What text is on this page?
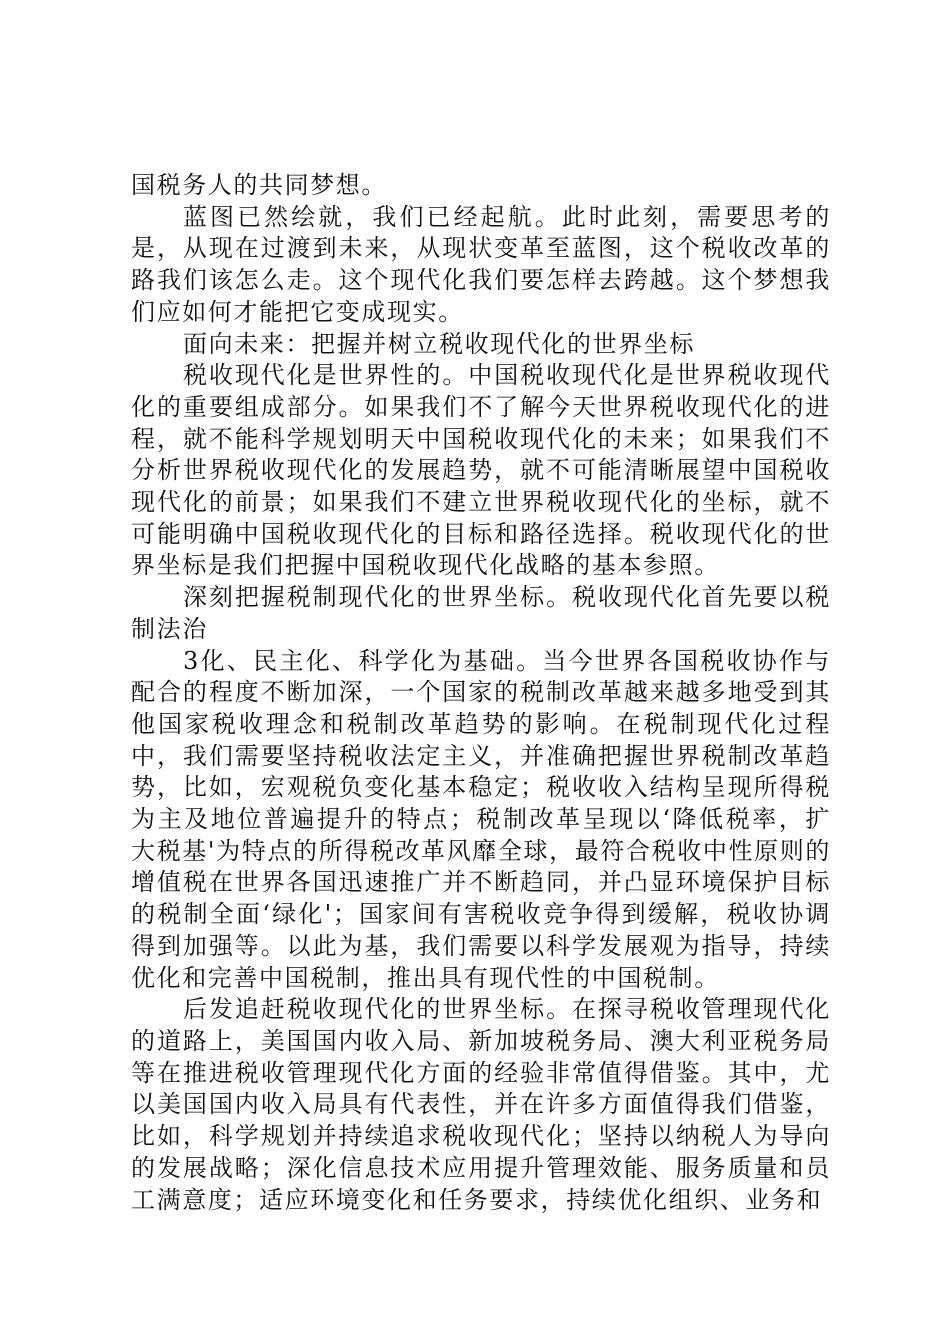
国税务人的共同梦想。

蓝图已然绘就，我们已经起航。此时此刻，需要思考的是，从现在过渡到未来，从现状变革至蓝图，这个税收改革的路我们该怎么走。这个现代化我们要怎样去跨越。这个梦想我们应如何才能把它变成现实。

面向未来：把握并树立税收现代化的世界坐标

税收现代化是世界性的。中国税收现代化是世界税收现代化的重要组成部分。如果我们不了解今天世界税收现代化的进程，就不能科学规划明天中国税收现代化的未来；如果我们不分析世界税收现代化的发展趋势，就不可能清晰展望中国税收现代化的前景；如果我们不建立世界税收现代化的坐标，就不可能明确中国税收现代化的目标和路径选择。税收现代化的世界坐标是我们把握中国税收现代化战略的基本参照。

深刻把握税制现代化的世界坐标。税收现代化首先要以税制法治

3化、民主化、科学化为基础。当今世界各国税收协作与配合的程度不断加深，一个国家的税制改革越来越多地受到其他国家税收理念和税制改革趋势的影响。在税制现代化过程中，我们需要坚持税收法定主义，并准确把握世界税制改革趋势，比如，宏观税负变化基本稳定；税收收入结构呈现所得税为主及地位普遍提升的特点；税制改革呈现以‘降低税率，扩大税基'为特点的所得税改革风靡全球，最符合税收中性原则的增值税在世界各国迅速推广并不断趋同，并凸显环境保护目标的税制全面‘绿化'；国家间有害税收竞争得到缓解，税收协调得到加强等。以此为基，我们需要以科学发展观为指导，持续优化和完善中国税制，推出具有现代性的中国税制。

后发追赶税收现代化的世界坐标。在探寻税收管理现代化的道路上，美国国内收入局、新加坡税务局、澳大利亚税务局等在推进税收管理现代化方面的经验非常值得借鉴。其中，尤以美国国内收入局具有代表性，并在许多方面值得我们借鉴，比如，科学规划并持续追求税收现代化；坚持以纳税人为导向的发展战略；深化信息技术应用提升管理效能、服务质量和员工满意度；适应环境变化和任务要求，持续优化组织、业务和
